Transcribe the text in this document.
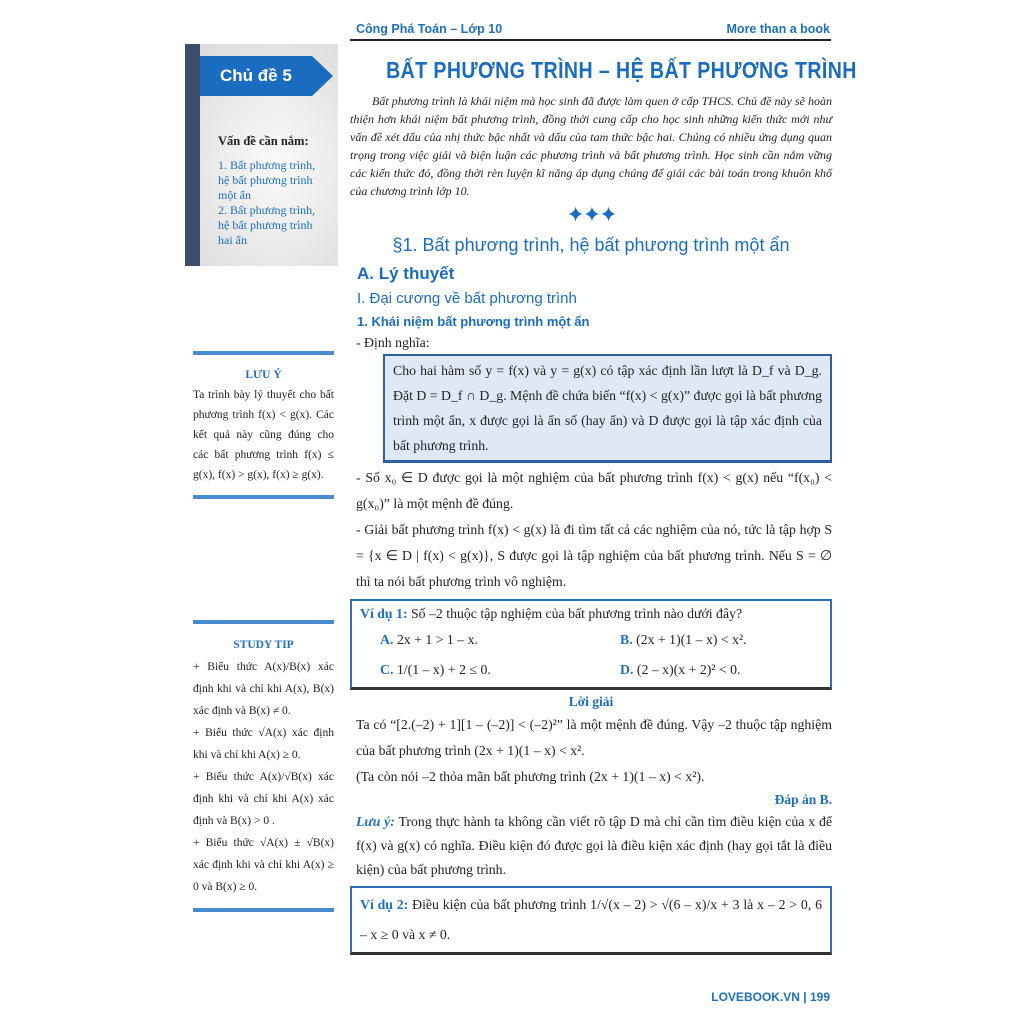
Công Phá Toán – Lớp 10	More than a book
Chủ đề 5
Vấn đề cần nắm:
1. Bất phương trình, hệ bất phương trình một ẩn
2. Bất phương trình, hệ bất phương trình hai ẩn
LƯU Ý
Ta trình bày lý thuyết cho bất phương trình f(x) < g(x). Các kết quả này cũng đúng cho các bất phương trình f(x) ≤ g(x), f(x) > g(x), f(x) ≥ g(x).
STUDY TIP
+ Biểu thức A(x)/B(x) xác định khi và chỉ khi A(x), B(x) xác định và B(x) ≠ 0.
+ Biểu thức √A(x) xác định khi và chỉ khi A(x) ≥ 0.
+ Biểu thức A(x)/√B(x) xác định khi và chỉ khi A(x) xác định và B(x) > 0 .
+ Biểu thức √A(x) ± √B(x) xác định khi và chỉ khi A(x) ≥ 0 và B(x) ≥ 0.
BẤT PHƯƠNG TRÌNH – HỆ BẤT PHƯƠNG TRÌNH
Bất phương trình là khái niệm mà học sinh đã được làm quen ở cấp THCS. Chủ đề này sẽ hoàn thiện hơn khái niệm bất phương trình, đồng thời cung cấp cho học sinh những kiến thức mới như vấn đề xét dấu của nhị thức bậc nhất và dấu của tam thức bậc hai. Chúng có nhiều ứng dụng quan trọng trong việc giải và biện luận các phương trình và bất phương trình. Học sinh cần nắm vững các kiến thức đó, đồng thời rèn luyện kĩ năng áp dụng chúng để giải các bài toán trong khuôn khổ của chương trình lớp 10.
✦✦✦
§1. Bất phương trình, hệ bất phương trình một ẩn
A. Lý thuyết
I. Đại cương về bất phương trình
1. Khái niệm bất phương trình một ẩn
- Định nghĩa:
Cho hai hàm số y = f(x) và y = g(x) có tập xác định lần lượt là D_f và D_g. Đặt D = D_f ∩ D_g. Mệnh đề chứa biến “f(x) < g(x)” được gọi là bất phương trình một ẩn, x được gọi là ẩn số (hay ẩn) và D được gọi là tập xác định của bất phương trình.
- Số x₀ ∈ D được gọi là một nghiệm của bất phương trình f(x) < g(x) nếu “f(x₀) < g(x₀)” là một mệnh đề đúng.
- Giải bất phương trình f(x) < g(x) là đi tìm tất cả các nghiệm của nó, tức là tập hợp S = {x ∈ D | f(x) < g(x)}, S được gọi là tập nghiệm của bất phương trình. Nếu S = ∅ thì ta nói bất phương trình vô nghiệm.
Ví dụ 1: Số –2 thuộc tập nghiệm của bất phương trình nào dưới đây?
A. 2x + 1 > 1 – x.	B. (2x + 1)(1 – x) < x².
C. 1/(1 – x) + 2 ≤ 0.	D. (2 – x)(x + 2)² < 0.
Lời giải
Ta có “[2.(–2) + 1][1 – (–2)] < (–2)²” là một mệnh đề đúng. Vậy –2 thuộc tập nghiệm của bất phương trình (2x + 1)(1 – x) < x².
(Ta còn nói –2 thỏa mãn bất phương trình (2x + 1)(1 – x) < x²).
Đáp án B.
Lưu ý: Trong thực hành ta không cần viết rõ tập D mà chỉ cần tìm điều kiện của x để f(x) và g(x) có nghĩa. Điều kiện đó được gọi là điều kiện xác định (hay gọi tắt là điều kiện) của bất phương trình.
Ví dụ 2: Điều kiện của bất phương trình 1/√(x – 2) > √(6 – x)/x + 3 là x – 2 > 0, 6 – x ≥ 0 và x ≠ 0.
LOVEBOOK.VN | 199
